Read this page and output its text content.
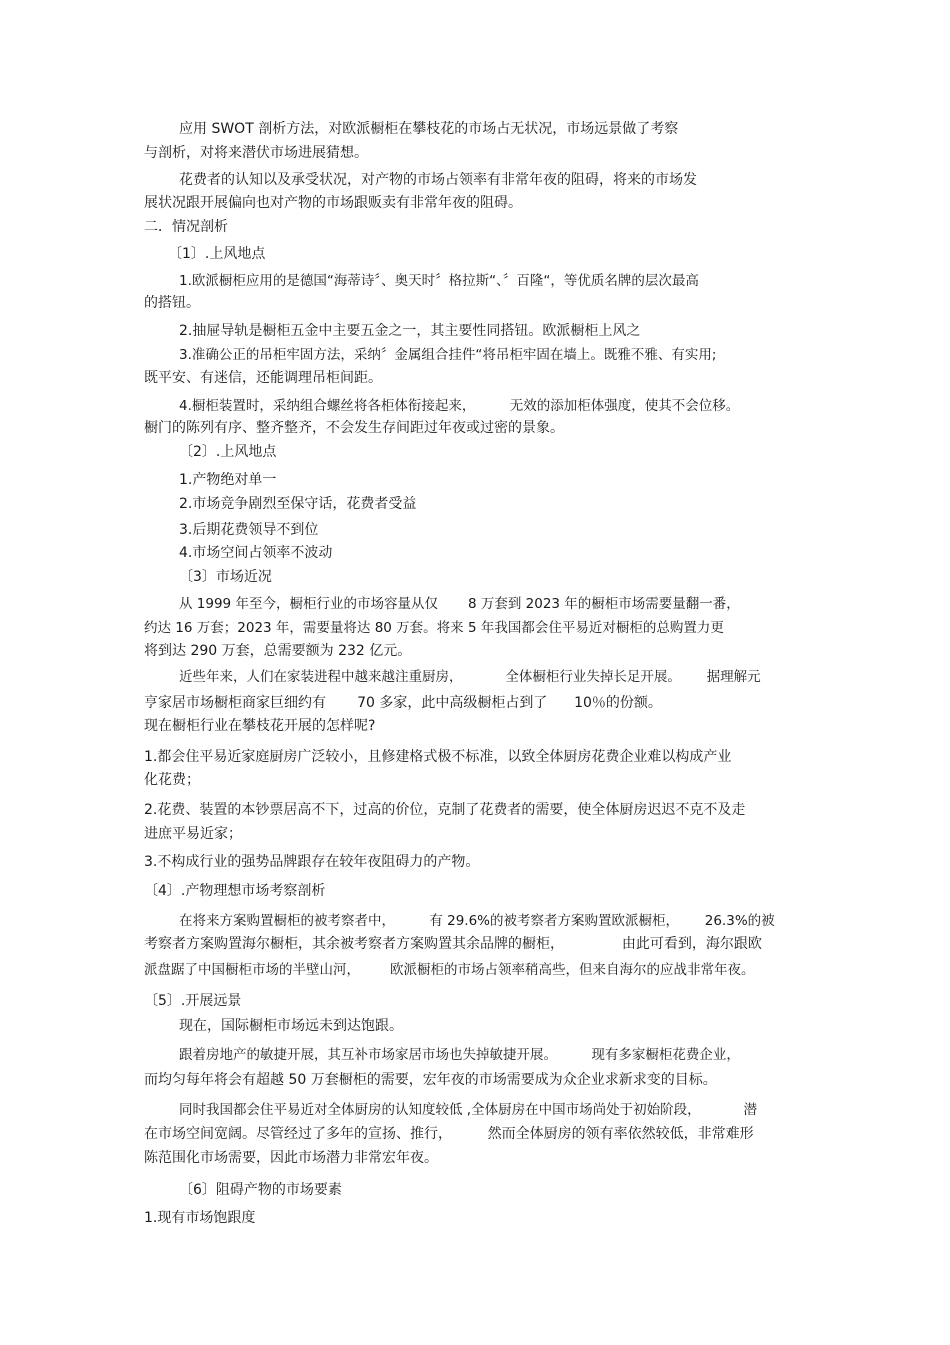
应用 SWOT 剖析方法，对欧派橱柜在攀枝花的市场占无状况，市场远景做了考察
与剖析，对将来潜伏市场进展猜想。
花费者的认知以及承受状况，对产物的市场占领率有非常年夜的阻碍，将来的市场发
展状况跟开展偏向也对产物的市场跟贩卖有非常年夜的阻碍。
二．情况剖析
〔1〕.上风地点
1.欧派橱柜应用的是德国“海蒂诗〞、奥天时〞格拉斯“、〞百隆“，等优质名牌的层次最高
的搭钮。
2.抽屉导轨是橱柜五金中主要五金之一，其主要性同搭钮。欧派橱柜上风之
3.准确公正的吊柜牢固方法，采纳〞金属组合挂件“将吊柜牢固在墙上。既雅不雅、有实用;
既平安、有迷信，还能调理吊柜间距。
4.橱柜装置时，采纳组合螺丝将各柜体衔接起来，        无效的添加柜体强度，使其不会位移。
橱门的陈列有序、整齐整齐，不会发生存间距过年夜或过密的景象。
〔2〕.上风地点
1.产物绝对单一
2.市场竞争剧烈至保守话，花费者受益
3.后期花费领导不到位
4.市场空间占领率不波动
〔3〕市场近况
从 1999 年至今，橱柜行业的市场容量从仅       8 万套到 2023 年的橱柜市场需要量翻一番，
约达 16 万套；2023 年，需要量将达 80 万套。将来 5 年我国都会住平易近对橱柜的总购置力更
将到达 290 万套，总需要额为 232 亿元。
近些年来，人们在家装进程中越来越注重厨房，          全体橱柜行业失掉长足开展。      据理解元
亨家居市场橱柜商家巨细约有       70 多家，此中高级橱柜占到了      10％的份额。
现在橱柜行业在攀枝花开展的怎样呢?
1.都会住平易近家庭厨房广泛较小，且修建格式极不标准，以致全体厨房花费企业难以构成产业
化花费；
2.花费、装置的本钞票居高不下，过高的价位，克制了花费者的需要，使全体厨房迟迟不克不及走
进庶平易近家；
3.不构成行业的强势品牌跟存在较年夜阻碍力的产物。
〔4〕.产物理想市场考察剖析
在将来方案购置橱柜的被考察者中，        有 29.6%的被考察者方案购置欧派橱柜，      26.3%的被
考察者方案购置海尔橱柜，其余被考察者方案购置其余品牌的橱柜，             由此可看到，海尔跟欧
派盘踞了中国橱柜市场的半壁山河，       欧派橱柜的市场占领率稍高些，但来自海尔的应战非常年夜。
〔5〕.开展远景
现在，国际橱柜市场远未到达饱跟。
跟着房地产的敏捷开展，其互补市场家居市场也失掉敏捷开展。        现有多家橱柜花费企业，
而均匀每年将会有超越 50 万套橱柜的需要，宏年夜的市场需要成为众企业求新求变的目标。
同时我国都会住平易近对全体厨房的认知度较低 ,全体厨房在中国市场尚处于初始阶段，          潜
在市场空间宽阔。尽管经过了多年的宣扬、推行，        然而全体厨房的领有率依然较低，非常难形
陈范围化市场需要，因此市场潜力非常宏年夜。
〔6〕阻碍产物的市场要素
1.现有市场饱跟度
